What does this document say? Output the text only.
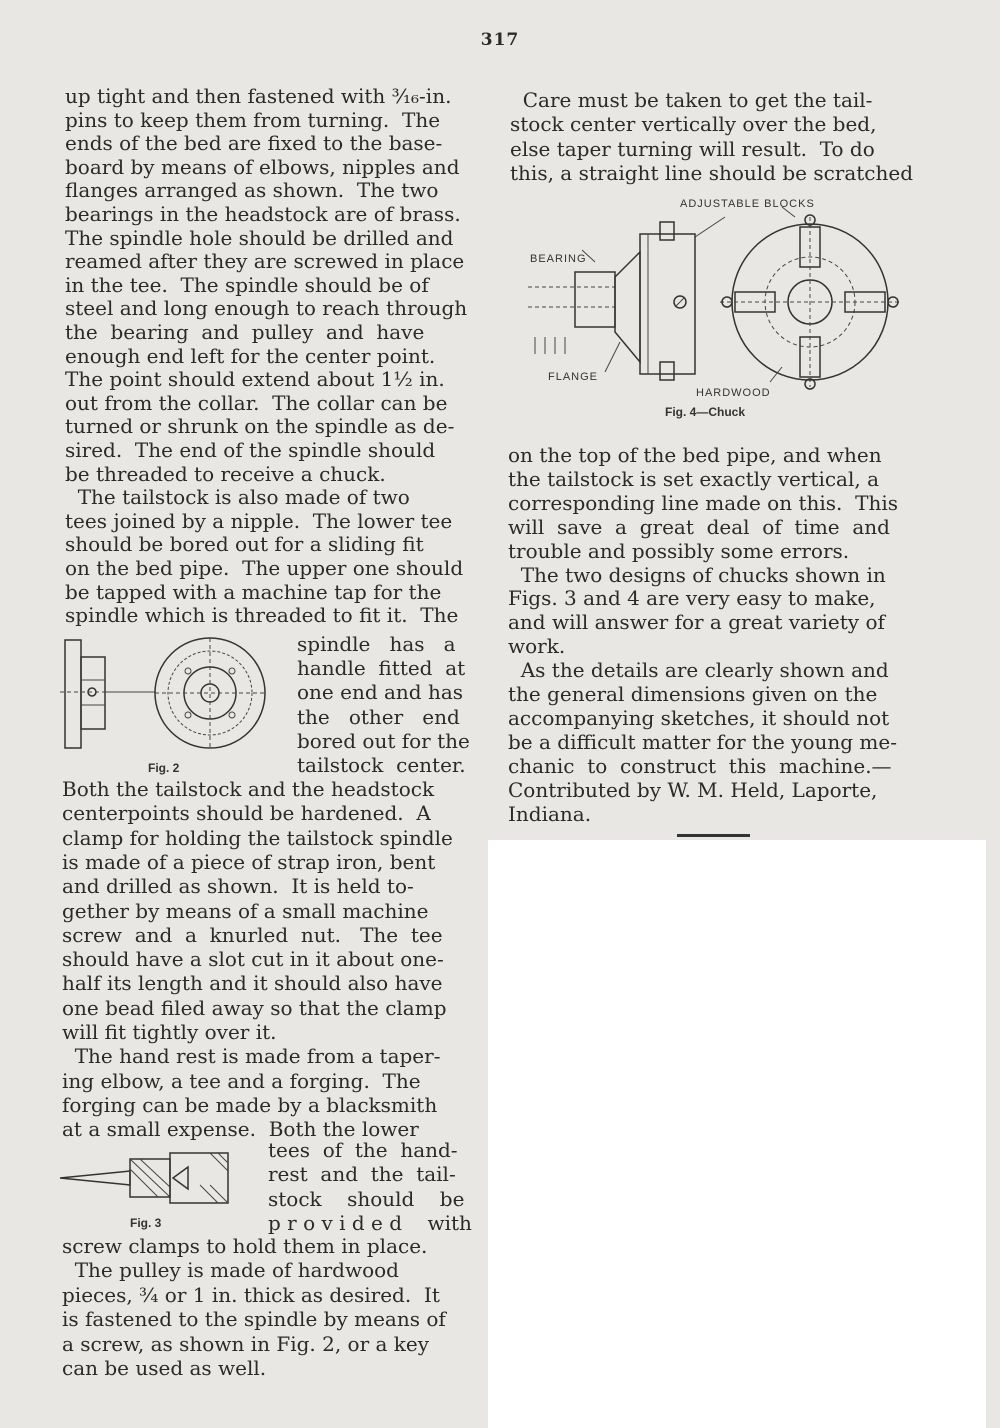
317
up tight and then fastened with ³⁄₁₆-in.
pins to keep them from turning.  The
ends of the bed are fixed to the base-
board by means of elbows, nipples and
flanges arranged as shown.  The two
bearings in the headstock are of brass.
The spindle hole should be drilled and
reamed after they are screwed in place
in the tee.  The spindle should be of
steel and long enough to reach through
the  bearing  and  pulley  and  have
enough end left for the center point.
The point should extend about 1½ in.
out from the collar.  The collar can be
turned or shrunk on the spindle as de-
sired.  The end of the spindle should
be threaded to receive a chuck.
The tailstock is also made of two
tees joined by a nipple.  The lower tee
should be bored out for a sliding fit
on the bed pipe.  The upper one should
be tapped with a machine tap for the
spindle which is threaded to fit it.  The
spindle   has   a
handle  fitted  at
one end and has
the   other   end
bored out for the
tailstock  center.
Both the tailstock and the headstock
centerpoints should be hardened.  A
clamp for holding the tailstock spindle
is made of a piece of strap iron, bent
and drilled as shown.  It is held to-
gether by means of a small machine
screw  and  a  knurled  nut.   The  tee
should have a slot cut in it about one-
half its length and it should also have
one bead filed away so that the clamp
will fit tightly over it.
The hand rest is made from a taper-
ing elbow, a tee and a forging.  The
forging can be made by a blacksmith
at a small expense.  Both the lower
tees  of  the  hand-
rest  and  the  tail-
stock    should    be
p r o v i d e d    with
screw clamps to hold them in place.
The pulley is made of hardwood
pieces, ¾ or 1 in. thick as desired.  It
is fastened to the spindle by means of
a screw, as shown in Fig. 2, or a key
can be used as well.
Care must be taken to get the tail-
stock center vertically over the bed,
else taper turning will result.  To do
this, a straight line should be scratched
on the top of the bed pipe, and when
the tailstock is set exactly vertical, a
corresponding line made on this.  This
will  save  a  great  deal  of  time  and
trouble and possibly some errors.
The two designs of chucks shown in
Figs. 3 and 4 are very easy to make,
and will answer for a great variety of
work.
As the details are clearly shown and
the general dimensions given on the
accompanying sketches, it should not
be a difficult matter for the young me-
chanic  to  construct  this  machine.—
Contributed by W. M. Held, Laporte,
Indiana.
Fig. 2
Fig. 3
ADJUSTABLE BLOCKS
BEARING
FLANGE
HARDWOOD
Fig. 4—Chuck
